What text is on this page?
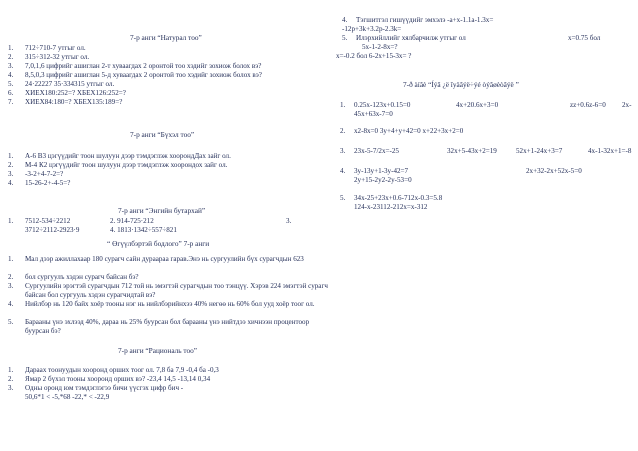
7-р анги “Натурал тоо”
1. 712÷710-7 утгыг ол.
2. 315÷312-32 утгыг ол.
3. 7,0,1,6 цифрийг ашиглан 2-т хуваагдах 2 оронтой тоо хэдийг зохиож болох вэ?
4. 8,5,0,3 цифрийг ашиглан 5-д хуваагдах 2 оронтой тоо хэдийг зохиож болох вэ?
5. 24·22227 35·334315 утгыг ол.
6. ХИЕХ180:252=? ХБЕХ126:252=?
7. ХИЕХ84:180=? ХБЕХ135:189=?
7-р анги “Бүхэл тоо”
1. А-6 В3 цэгүүдийг тоон шулуун дээр тэмдэглэж хоорондДах зайг ол.
2. М-4 К2 цэгүүдийг тоон шулуун дээр тэмдэглэж хоорондох зайг ол.
3. -3-2+4-7-2=?
4. 15-26-2+-4-5=?
7-р анги “Энгийн бутархай”
1. 7512-534÷2212	2. 914-725·212	3.
3712÷2112-2923·9	4. 1813·1342÷557÷821
“ Өгүүлбэртэй бодлого” 7-р анги
1. Мал дээр ажиллахаар 180 сурагч сайн дураараа гарав.Энэ нь сургуулийн бүх сурагчдын 623
2. бол сургуулъ хэдэн сурагч байсан бэ?
3. Сургуулийн эрэгтэй сурагчдын 712 той нь эмэгтэй сурагчдын тоо тэнцүү. Хэрэв 224 эмэгтэй сурагч байсан бол сургууль хэдэн сурагчидтай вэ?
4. Нийлбэр нь 120 байх хоёр тооны нэг нь нийлбэрийнхээ 40% негөө нь 60% бол ууд хоёр тоог ол.
5. Барааны үнэ эхлээд 40%, дараа нь 25% буурсан бол барааны үнэ нийтдээ хичнээн процентоор буурсан бэ?
7-р анги “Рациональ тоо”
1. Дараах тоонуудын хооронд орших тоог ол. 7,8 ба 7,9 -0,4 ба -0,3
2. Ямар 2 бүхэл тооны хооронд орших вэ? -23,4 14,5 -13,14 0,34
3. Одны оронд юм тэмдэглэгээ бичи үүсгэх цифр бич -
50,6*1 < -5,*68 -22,* < -22,9
4. Тэгшитгэл гишүүдийг эмхэлэ -a+x-1.1a-1.3x=
-12p+3k+3.2p-2.3k=
5. Илэрхийллийг хялбарчилж утгыг ол	x=0.75 бол
5x-1-2-8x=?
x=-0.2 бол 6-2x+15-3x= ?
7-ð àíãè “Íýã ¿ë îyäãýë÷ýé òýãøèòãýë ”
1. 0.25x-123x+0.15=0	4x+20.6x+3=0	zz+0.6z-6=0 2x-
45x+63x-7=0
2. x2-8x=0 3y+4+y+42=0 x+22+3x+2=0
3. 23x-5-7/2x=-25	32x+5-43x+2=19	52x+1-24x+3=7	4x-1-32x+1=-8
4. 3y-13y+1-3y-42=7	2x+32-2x+52x-5=0
2y+15-2y2-2y-53=0
5. 34x-25+23x+0.6-712x-0.3=5.8
124-x-23112-212x=x-312
